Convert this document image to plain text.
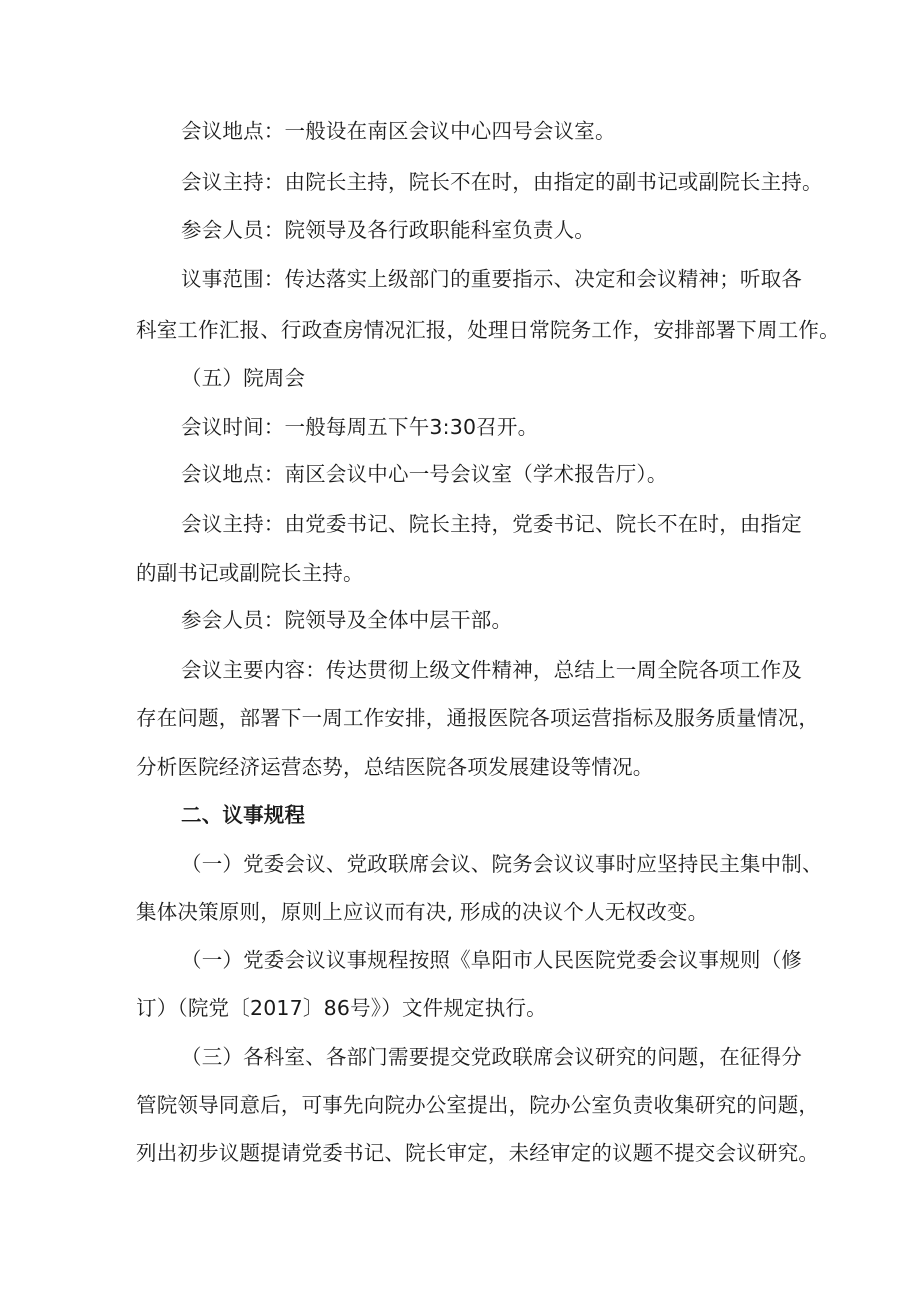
会议地点：一般设在南区会议中心四号会议室。
会议主持：由院长主持，院长不在时，由指定的副书记或副院长主持。
参会人员：院领导及各行政职能科室负责人。
议事范围：传达落实上级部门的重要指示、决定和会议精神；听取各
科室工作汇报、行政查房情况汇报，处理日常院务工作，安排部署下周工作。
（五）院周会
会议时间：一般每周五下午3:30召开。
会议地点：南区会议中心一号会议室（学术报告厅）。
会议主持：由党委书记、院长主持，党委书记、院长不在时，由指定
的副书记或副院长主持。
参会人员：院领导及全体中层干部。
会议主要内容：传达贯彻上级文件精神，总结上一周全院各项工作及
存在问题，部署下一周工作安排，通报医院各项运营指标及服务质量情况，
分析医院经济运营态势，总结医院各项发展建设等情况。
二、议事规程
（一）党委会议、党政联席会议、院务会议议事时应坚持民主集中制、
集体决策原则，原则上应议而有决, 形成的决议个人无权改变。
（一）党委会议议事规程按照《阜阳市人民医院党委会议事规则（修
订）（院党〔2017〕86号》）文件规定执行。
（三）各科室、各部门需要提交党政联席会议研究的问题，在征得分
管院领导同意后，可事先向院办公室提出，院办公室负责收集研究的问题，
列出初步议题提请党委书记、院长审定，未经审定的议题不提交会议研究。
